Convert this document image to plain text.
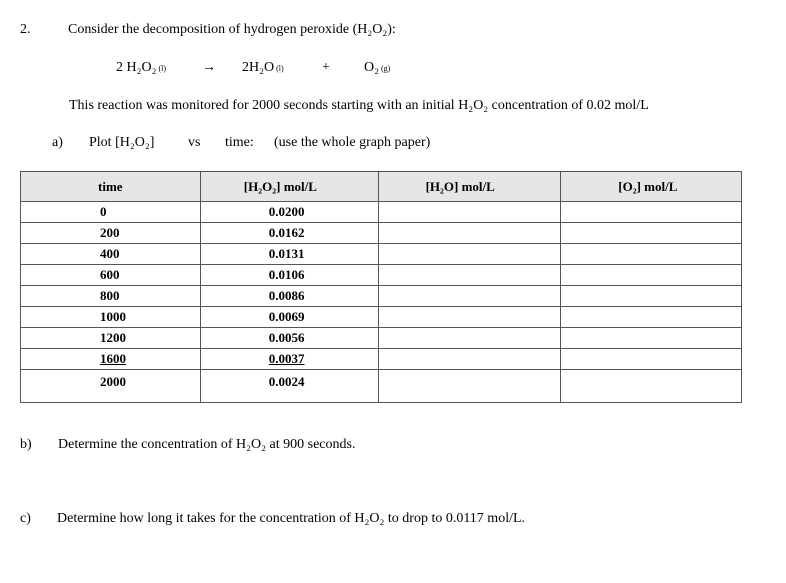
2.	Consider the decomposition of hydrogen peroxide (H₂O₂):
2 H₂O₂ (l)	→ 2H₂O (l)	+ O₂ (g)
This reaction was monitored for 2000 seconds starting with an initial H₂O₂ concentration of 0.02 mol/L
a) Plot [H₂O₂] vs time: (use the whole graph paper)
time	[H₂O₂] mol/L	[H₂O] mol/L	[O₂] mol/L
0	0.0200		
200	0.0162		
400	0.0131		
600	0.0106		
800	0.0086		
1000	0.0069		
1200	0.0056		
1600	0.0037		
2000	0.0024		
b) Determine the concentration of H₂O₂ at 900 seconds.
c) Determine how long it takes for the concentration of H₂O₂ to drop to 0.0117 mol/L.
